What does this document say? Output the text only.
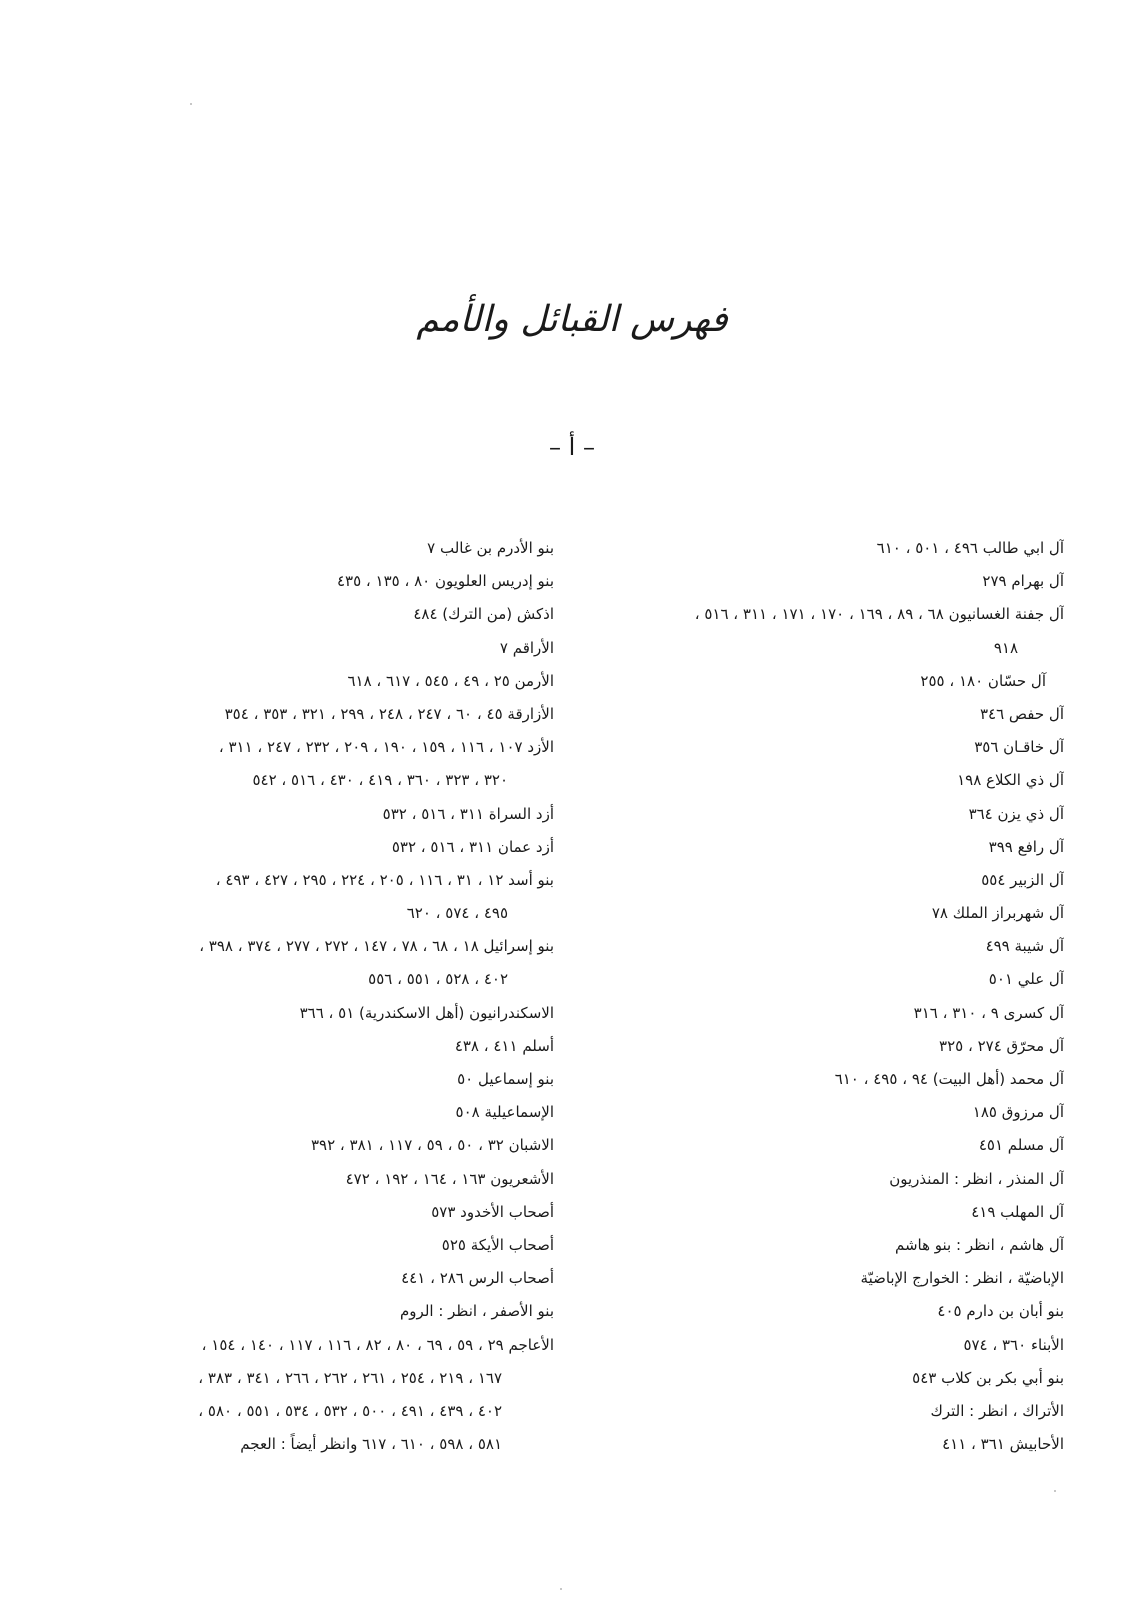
فهرس القبائل والأمم
– أ –
آل ابي طالب ٤٩٦ ، ٥٠١ ، ٦١٠
آل بهرام ٢٧٩
آل جفنة الغسانيون ٦٨ ، ٨٩ ، ١٦٩ ، ١٧٠ ، ١٧١ ، ٣١١ ، ٥١٦ ،
٩١٨
آل حسّان ١٨٠ ، ٢٥٥
آل حفص ٣٤٦
آل خاقـان ٣٥٦
آل ذي الكلاع ١٩٨
آل ذي يزن ٣٦٤
آل رافع ٣٩٩
آل الزبير ٥٥٤
آل شهربراز الملك ٧٨
آل شيبة ٤٩٩
آل علي ٥٠١
آل كسرى ٩ ، ٣١٠ ، ٣١٦
آل محرّق ٢٧٤ ، ٣٢٥
آل محمد (أهل البيت) ٩٤ ، ٤٩٥ ، ٦١٠
آل مرزوق ١٨٥
آل مسلم ٤٥١
آل المنذر ، انظر : المنذريون
آل المهلب ٤١٩
آل هاشم ، انظر : بنو هاشم
الإباضيّة ، انظر : الخوارج الإباضيّة
بنو أبان بن دارم ٤٠٥
الأبناء ٣٦٠ ، ٥٧٤
بنو أبي بكر بن كلاب ٥٤٣
الأتراك ، انظر : الترك
الأحابيش ٣٦١ ، ٤١١
بنو الأدرم بن غالب ٧
بنو إدريس العلويون ٨٠ ، ١٣٥ ، ٤٣٥
اذكش (من الترك) ٤٨٤
الأراقم ٧
الأرمن ٢٥ ، ٤٩ ، ٥٤٥ ، ٦١٧ ، ٦١٨
الأزارقة ٤٥ ، ٦٠ ، ٢٤٧ ، ٢٤٨ ، ٢٩٩ ، ٣٢١ ، ٣٥٣ ، ٣٥٤
الأزد ١٠٧ ، ١١٦ ، ١٥٩ ، ١٩٠ ، ٢٠٩ ، ٢٣٢ ، ٢٤٧ ، ٣١١ ،
٣٢٠ ، ٣٢٣ ، ٣٦٠ ، ٤١٩ ، ٤٣٠ ، ٥١٦ ، ٥٤٢
أزد السراة ٣١١ ، ٥١٦ ، ٥٣٢
أزد عمان ٣١١ ، ٥١٦ ، ٥٣٢
بنو أسد ١٢ ، ٣١ ، ١١٦ ، ٢٠٥ ، ٢٢٤ ، ٢٩٥ ، ٤٢٧ ، ٤٩٣ ،
٤٩٥ ، ٥٧٤ ، ٦٢٠
بنو إسرائيل ١٨ ، ٦٨ ، ٧٨ ، ١٤٧ ، ٢٧٢ ، ٢٧٧ ، ٣٧٤ ، ٣٩٨ ،
٤٠٢ ، ٥٢٨ ، ٥٥١ ، ٥٥٦
الاسكندرانيون (أهل الاسكندرية) ٥١ ، ٣٦٦
أسلم ٤١١ ، ٤٣٨
بنو إسماعيل ٥٠
الإسماعيلية ٥٠٨
الاشبان ٣٢ ، ٥٠ ، ٥٩ ، ١١٧ ، ٣٨١ ، ٣٩٢
الأشعريون ١٦٣ ، ١٦٤ ، ١٩٢ ، ٤٧٢
أصحاب الأخدود ٥٧٣
أصحاب الأيكة ٥٢٥
أصحاب الرس ٢٨٦ ، ٤٤١
بنو الأصفر ، انظر : الروم
الأعاجم ٢٩ ، ٥٩ ، ٦٩ ، ٨٠ ، ٨٢ ، ١١٦ ، ١١٧ ، ١٤٠ ، ١٥٤ ،
١٦٧ ، ٢١٩ ، ٢٥٤ ، ٢٦١ ، ٢٦٢ ، ٢٦٦ ، ٣٤١ ، ٣٨٣ ،
٤٠٢ ، ٤٣٩ ، ٤٩١ ، ٥٠٠ ، ٥٣٢ ، ٥٣٤ ، ٥٥١ ، ٥٨٠ ،
٥٨١ ، ٥٩٨ ، ٦١٠ ، ٦١٧ وانظر أيضاً : العجم
